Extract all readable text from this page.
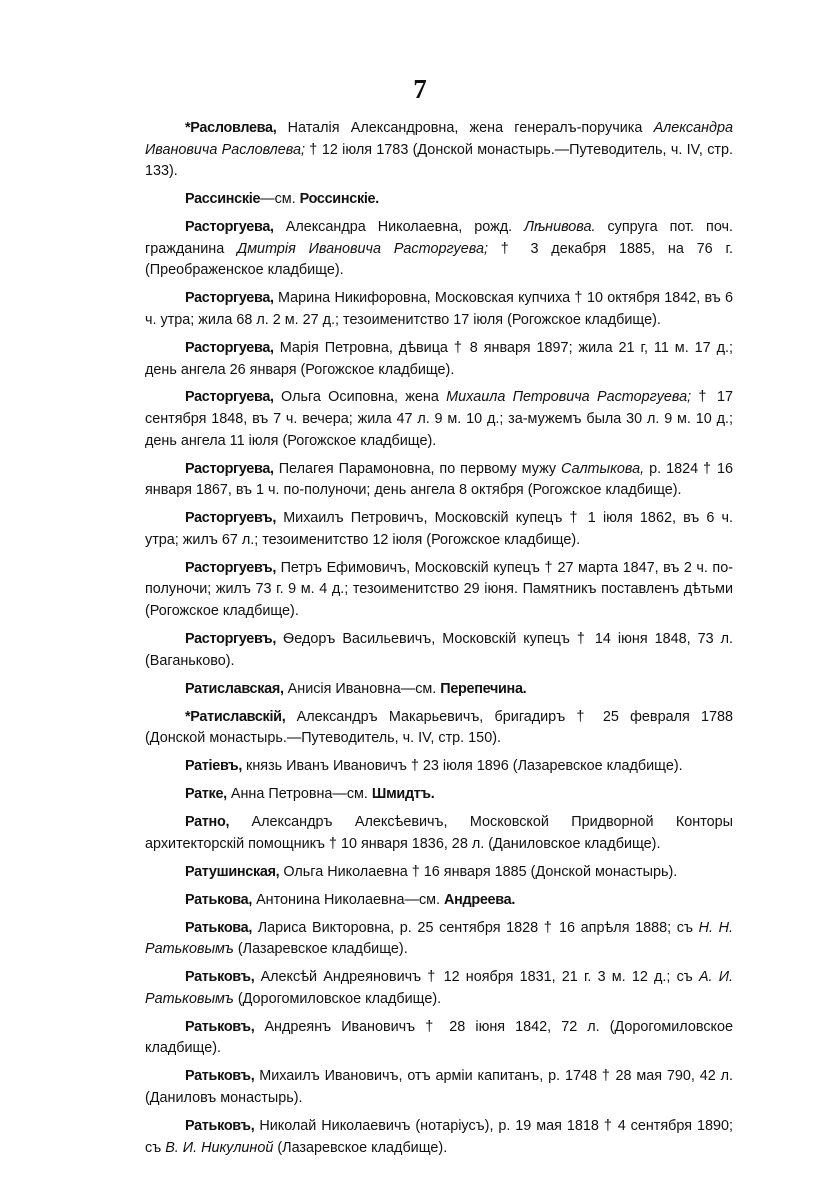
7

*Расловлева, Наталія Александровна, жена генералъ-поручика Александра Ивановича Расловлева; † 12 іюля 1783 (Донской монастырь.—Путеводитель, ч. IV, стр. 133).

Рассинскіе—см. Россинскіе.

Расторгуева, Александра Николаевна, рожд. Лѣнивова. супруга пот. поч. гражданина Дмитрія Ивановича Расторгуева; † 3 декабря 1885, на 76 г. (Преображенское кладбище).

Расторгуева, Марина Никифоровна, Московская купчиха † 10 октября 1842, въ 6 ч. утра; жила 68 л. 2 м. 27 д.; тезоименитство 17 іюля (Рогожское кладбище).

Расторгуева, Марія Петровна, дѣвица † 8 января 1897; жила 21 г, 11 м. 17 д.; день ангела 26 января (Рогожское кладбище).

Расторгуева, Ольга Осиповна, жена Михаила Петровича Расторгуева; † 17 сентября 1848, въ 7 ч. вечера; жила 47 л. 9 м. 10 д.; за-мужемъ была 30 л. 9 м. 10 д.; день ангела 11 іюля (Рогожское кладбище).

Расторгуева, Пелагея Парамоновна, по первому мужу Салтыкова, р. 1824 † 16 января 1867, въ 1 ч. по-полуночи; день ангела 8 октября (Рогожское кладбище).

Расторгуевъ, Михаилъ Петровичъ, Московскій купецъ † 1 іюля 1862, въ 6 ч. утра; жилъ 67 л.; тезоименитство 12 іюля (Рогожское кладбище).

Расторгуевъ, Петръ Ефимовичъ, Московскій купецъ † 27 марта 1847, въ 2 ч. по-полуночи; жилъ 73 г. 9 м. 4 д.; тезоименитство 29 іюня. Памятникъ поставленъ дѣтьми (Рогожское кладбище).

Расторгуевъ, Ѳедоръ Васильевичъ, Московскій купецъ † 14 іюня 1848, 73 л. (Ваганьково).

Ратиславская, Анисія Ивановна—см. Перепечина.

*Ратиславскій, Александръ Макарьевичъ, бригадиръ † 25 февраля 1788 (Донской монастырь.—Путеводитель, ч. IV, стр. 150).

Ратіевъ, князь Иванъ Ивановичъ † 23 іюля 1896 (Лазаревское кладбище).

Ратке, Анна Петровна—см. Шмидтъ.

Ратно, Александръ Алексѣевичъ, Московской Придворной Конторы архитекторскій помощникъ † 10 января 1836, 28 л. (Даниловское кладбище).

Ратушинская, Ольга Николаевна † 16 января 1885 (Донской монастырь).

Ратькова, Антонина Николаевна—см. Андреева.

Ратькова, Лариса Викторовна, р. 25 сентября 1828 † 16 апрѣля 1888; съ Н. Н. Ратьковымъ (Лазаревское кладбище).

Ратьковъ, Алексѣй Андреяновичъ † 12 ноября 1831, 21 г. 3 м. 12 д.; съ А. И. Ратьковымъ (Дорогомиловское кладбище).

Ратьковъ, Андреянъ Ивановичъ † 28 іюня 1842, 72 л. (Дорогомиловское кладбище).

Ратьковъ, Михаилъ Ивановичъ, отъ арміи капитанъ, р. 1748 † 28 мая 790, 42 л. (Даниловъ монастырь).

Ратьковъ, Николай Николаевичъ (нотаріусъ), р. 19 мая 1818 † 4 сентября 1890; съ В. И. Никулиной (Лазаревское кладбище).
